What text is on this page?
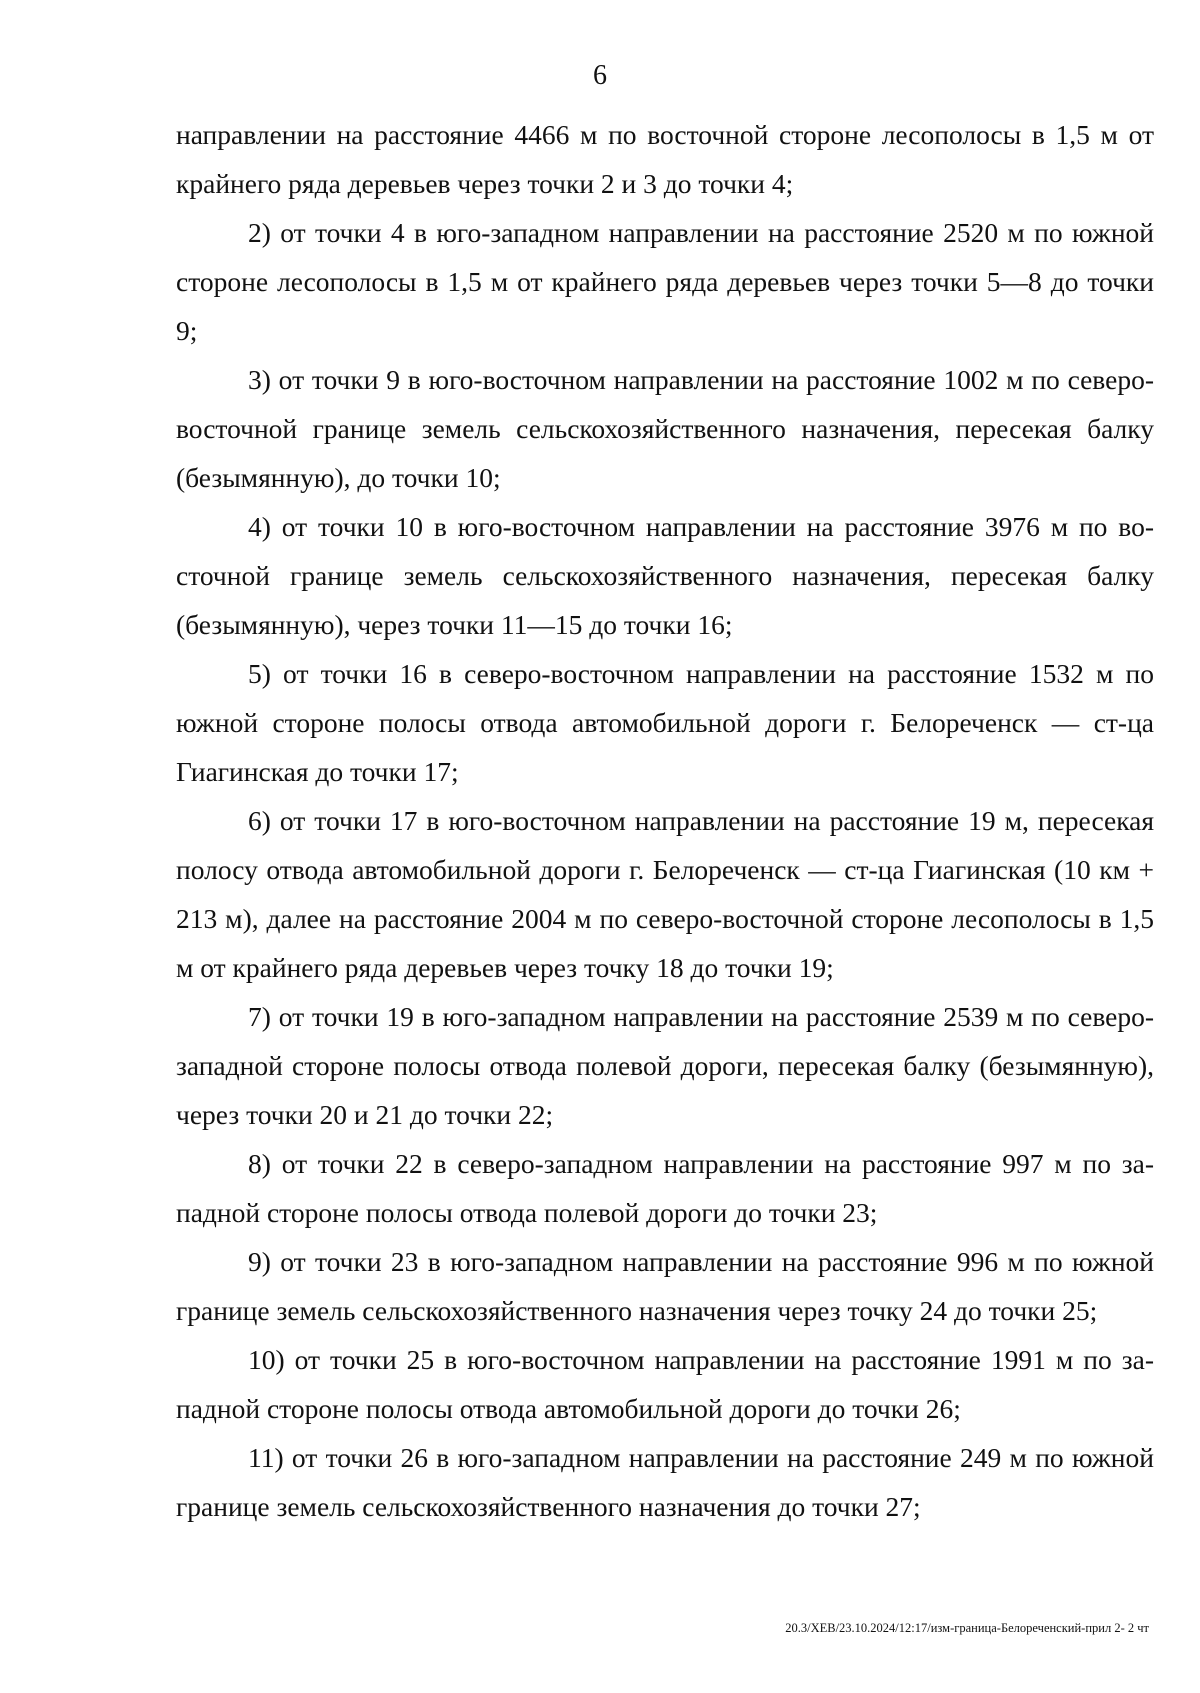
6

направлении на расстояние 4466 м по восточной стороне лесополосы в 1,5 м от крайнего ряда деревьев через точки 2 и 3 до точки 4;

2) от точки 4 в юго-западном направлении на расстояние 2520 м по южной стороне лесополосы в 1,5 м от крайнего ряда деревьев через точки 5—8 до точки 9;

3) от точки 9 в юго-восточном направлении на расстояние 1002 м по северо-восточной границе земель сельскохозяйственного назначения, пересекая балку (безымянную), до точки 10;

4) от точки 10 в юго-восточном направлении на расстояние 3976 м по восточной границе земель сельскохозяйственного назначения, пересекая балку (безымянную), через точки 11—15 до точки 16;

5) от точки 16 в северо-восточном направлении на расстояние 1532 м по южной стороне полосы отвода автомобильной дороги г. Белореченск — ст-ца Гиагинская до точки 17;

6) от точки 17 в юго-восточном направлении на расстояние 19 м, пересекая полосу отвода автомобильной дороги г. Белореченск — ст-ца Гиагинская (10 км + 213 м), далее на расстояние 2004 м по северо-восточной стороне лесополосы в 1,5 м от крайнего ряда деревьев через точку 18 до точки 19;

7) от точки 19 в юго-западном направлении на расстояние 2539 м по северо-западной стороне полосы отвода полевой дороги, пересекая балку (безымянную), через точки 20 и 21 до точки 22;

8) от точки 22 в северо-западном направлении на расстояние 997 м по западной стороне полосы отвода полевой дороги до точки 23;

9) от точки 23 в юго-западном направлении на расстояние 996 м по южной границе земель сельскохозяйственного назначения через точку 24 до точки 25;

10) от точки 25 в юго-восточном направлении на расстояние 1991 м по западной стороне полосы отвода автомобильной дороги до точки 26;

11) от точки 26 в юго-западном направлении на расстояние 249 м по южной границе земель сельскохозяйственного назначения до точки 27;

20.3/ХЕВ/23.10.2024/12:17/изм-граница-Белореченский-прил 2- 2 чт
